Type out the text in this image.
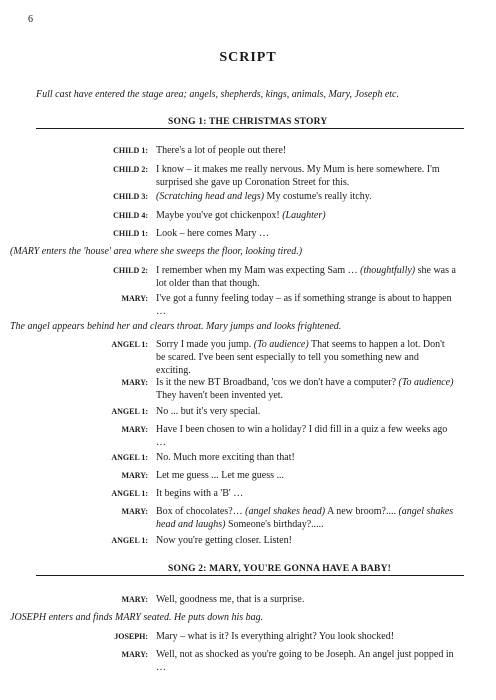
6
SCRIPT
Full cast have entered the stage area; angels, shepherds, kings, animals, Mary, Joseph etc.
SONG 1: THE CHRISTMAS STORY
CHILD 1: There's a lot of people out there!
CHILD 2: I know – it makes me really nervous. My Mum is here somewhere. I'm surprised she gave up Coronation Street for this.
CHILD 3: (Scratching head and legs) My costume's really itchy.
CHILD 4: Maybe you've got chickenpox! (Laughter)
CHILD 1: Look – here comes Mary …
(MARY enters the 'house' area where she sweeps the floor, looking tired.)
CHILD 2: I remember when my Mam was expecting Sam … (thoughtfully) she was a lot older than that though.
MARY: I've got a funny feeling today – as if something strange is about to happen …
The angel appears behind her and clears throat. Mary jumps and looks frightened.
ANGEL 1: Sorry I made you jump. (To audience) That seems to happen a lot. Don't be scared. I've been sent especially to tell you something new and exciting.
MARY: Is it the new BT Broadband, 'cos we don't have a computer? (To audience) They haven't been invented yet.
ANGEL 1: No ... but it's very special.
MARY: Have I been chosen to win a holiday? I did fill in a quiz a few weeks ago …
ANGEL 1: No. Much more exciting than that!
MARY: Let me guess ... Let me guess ...
ANGEL 1: It begins with a 'B' …
MARY: Box of chocolates?… (angel shakes head) A new broom?.... (angel shakes head and laughs) Someone's birthday?.....
ANGEL 1: Now you're getting closer. Listen!
SONG 2: MARY, YOU'RE GONNA HAVE A BABY!
MARY: Well, goodness me, that is a surprise.
JOSEPH enters and finds MARY seated. He puts down his bag.
JOSEPH: Mary – what is it? Is everything alright? You look shocked!
MARY: Well, not as shocked as you're going to be Joseph. An angel just popped in …
